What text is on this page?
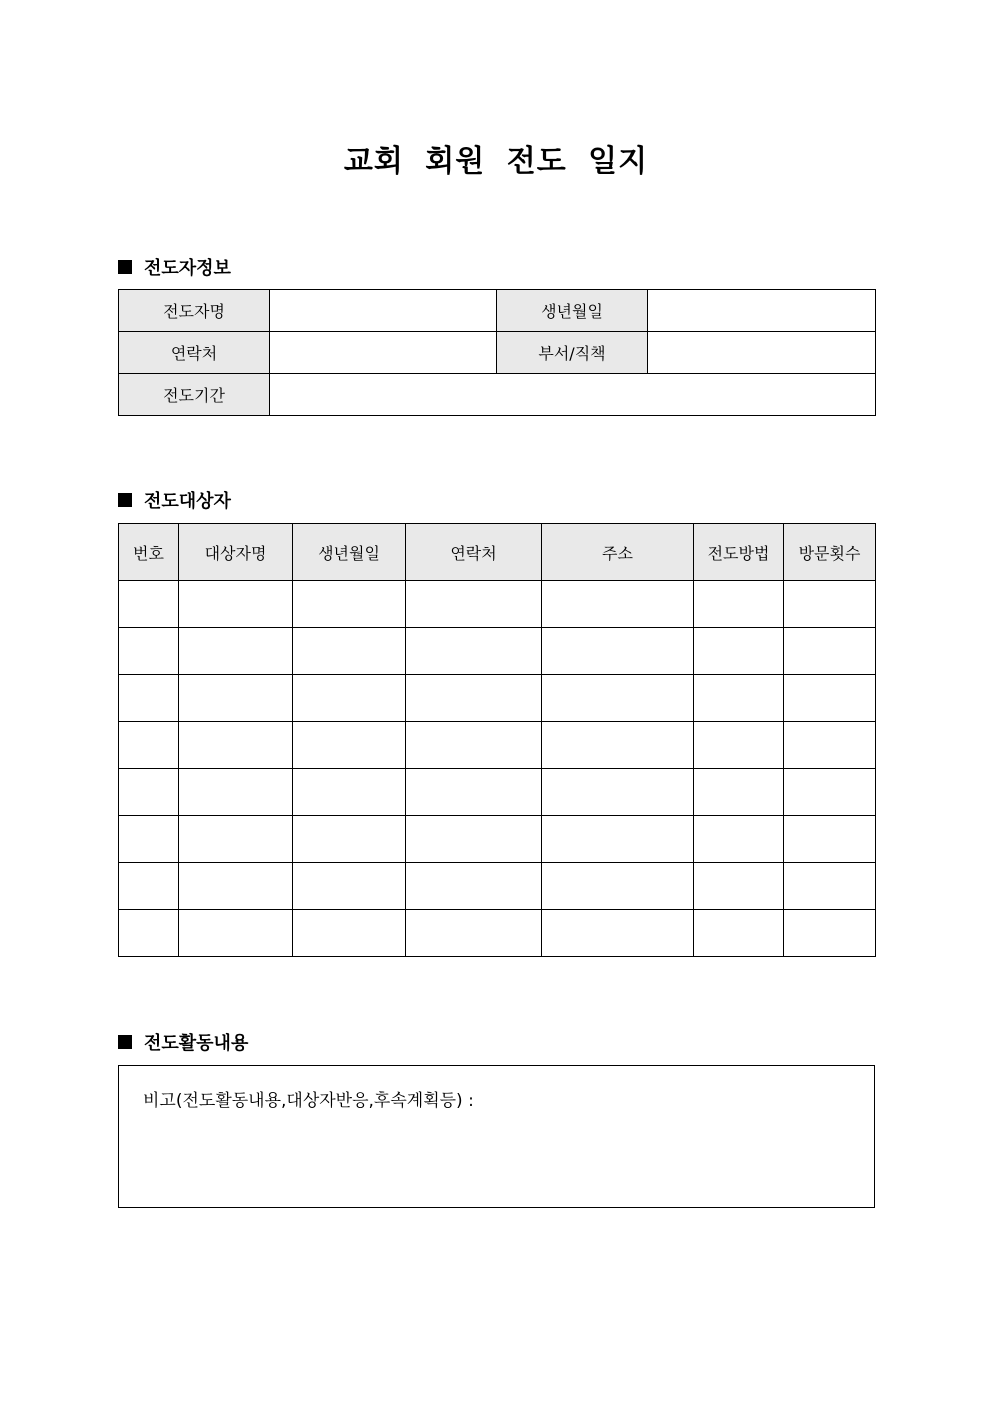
교회 회원 전도 일지
전도자정보
전도자명		생년월일	
연락처		부서/직책	
전도기간			
전도대상자
번호	대상자명	생년월일	연락처	주소	전도방법	방문횟수

전도활동내용
비고(전도활동내용,대상자반응,후속계획등) :
